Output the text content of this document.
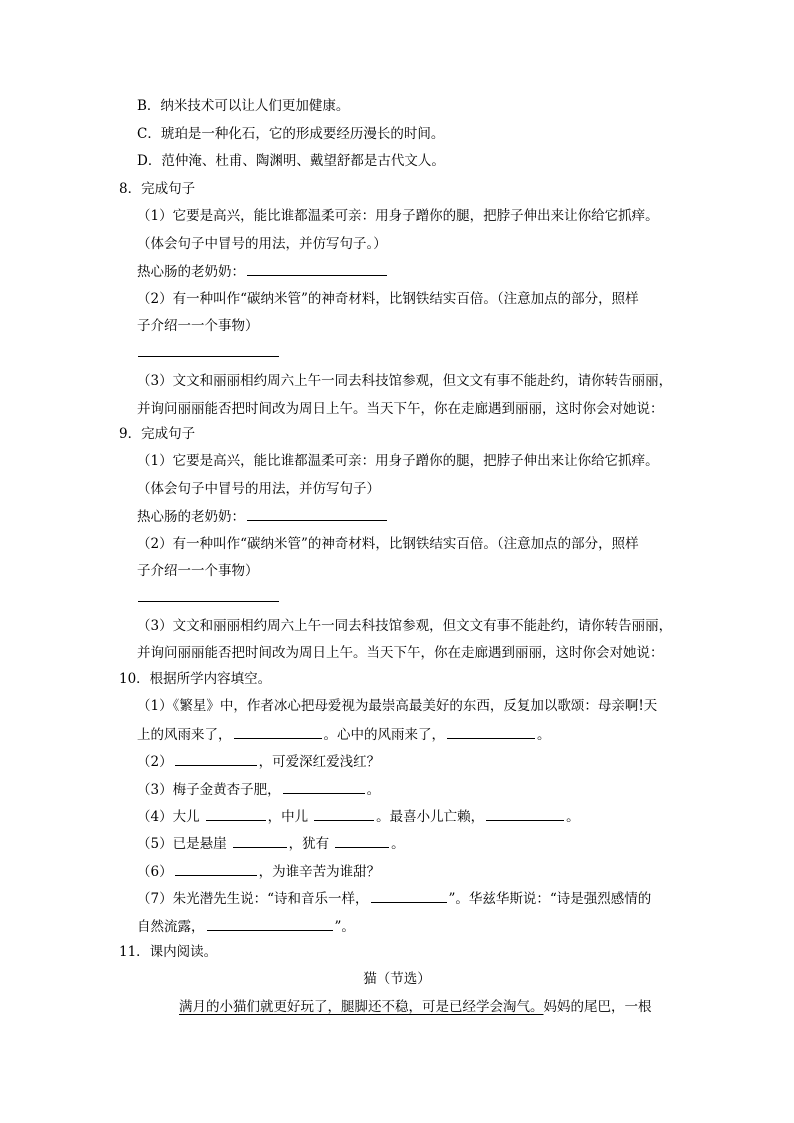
B．纳米技术可以让人们更加健康。
C．琥珀是一种化石，它的形成要经历漫长的时间。
D．范仲淹、杜甫、陶渊明、戴望舒都是古代文人。
8．完成句子
（1）它要是高兴，能比谁都温柔可亲：用身子蹭你的腿，把脖子伸出来让你给它抓痒。
（体会句子中冒号的用法，并仿写句子。）
热心肠的老奶奶：
（2）有一种叫作“碳纳米管”的神奇材料，比钢铁结实百倍。（注意加点的部分，照样
子介绍一一个事物）
（3）文文和丽丽相约周六上午一同去科技馆参观，但文文有事不能赴约，请你转告丽丽，
并询问丽丽能否把时间改为周日上午。当天下午，你在走廊遇到丽丽，这时你会对她说：
9．完成句子
（1）它要是高兴，能比谁都温柔可亲：用身子蹭你的腿，把脖子伸出来让你给它抓痒。
（体会句子中冒号的用法，并仿写句子）
热心肠的老奶奶：
（2）有一种叫作“碳纳米管”的神奇材料，比钢铁结实百倍。（注意加点的部分，照样
子介绍一一个事物）
（3）文文和丽丽相约周六上午一同去科技馆参观，但文文有事不能赴约，请你转告丽丽，
并询问丽丽能否把时间改为周日上午。当天下午，你在走廊遇到丽丽，这时你会对她说：
10．根据所学内容填空。
（1）《繁星》中，作者冰心把母爱视为最崇高最美好的东西，反复加以歌颂：母亲啊!天
上的风雨来了，	。心中的风雨来了，	。
（2）	，可爱深红爱浅红？
（3）梅子金黄杏子肥，	。
（4）大儿	，中儿	。最喜小儿亡赖，	。
（5）已是悬崖	，犹有	。
（6）	，为谁辛苦为谁甜？
（7）朱光潜先生说：“诗和音乐一样，	”。华兹华斯说：“诗是强烈感情的
自然流露，	”。
11．课内阅读。
猫（节选）
满月的小猫们就更好玩了，腿脚还不稳，可是已经学会淘气。妈妈的尾巴，一根
